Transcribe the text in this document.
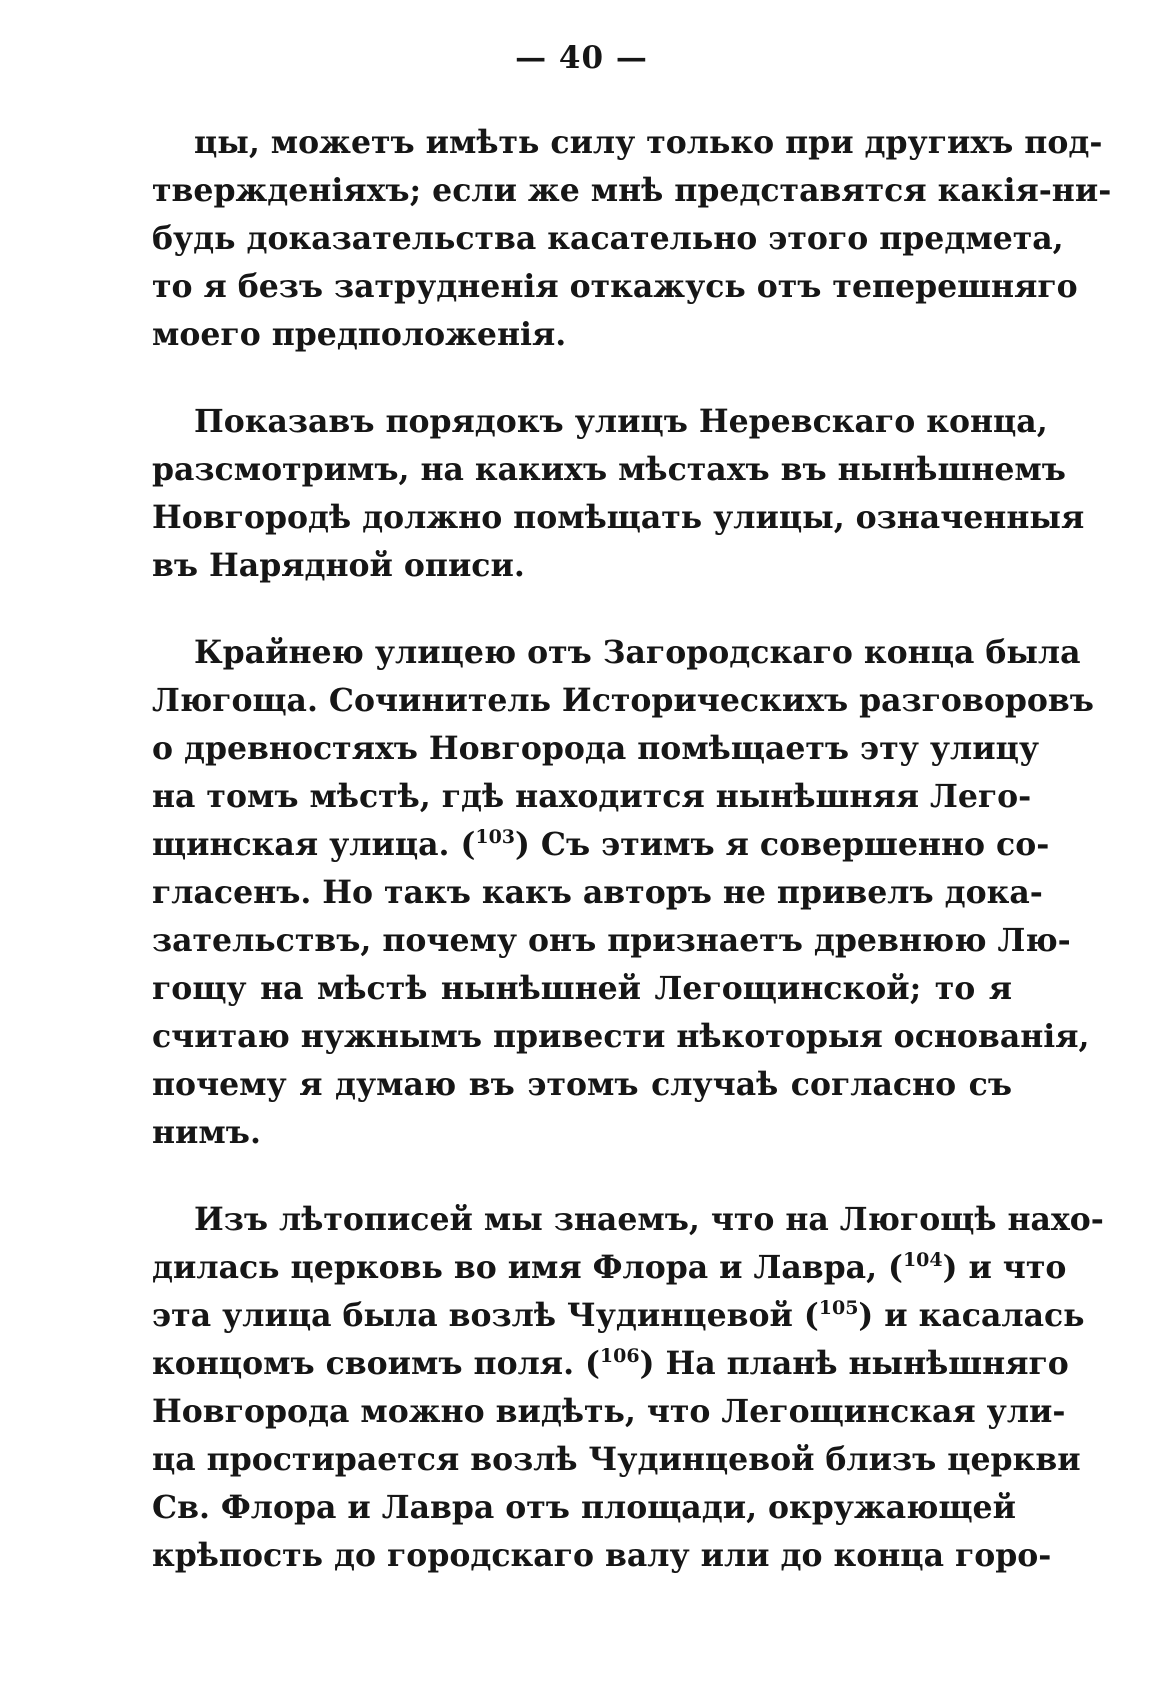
— 40 —
цы, можетъ имѣть силу только при другихъ под-
твержденіяхъ; если же мнѣ представятся какія-ни-
будь доказательства касательно этого предмета,
то я безъ затрудненія откажусь отъ теперешняго
моего предположенія.
Показавъ порядокъ улицъ Неревскаго конца,
разсмотримъ, на какихъ мѣстахъ въ нынѣшнемъ
Новгородѣ должно помѣщать улицы, означенныя
въ Нарядной описи.
Крайнею улицею отъ Загородскаго конца была
Люгоща. Сочинитель Историческихъ разговоровъ
о древностяхъ Новгорода помѣщаетъ эту улицу
на томъ мѣстѣ, гдѣ находится нынѣшняя Лего-
щинская улица. ($^{103}$) Съ этимъ я совершенно со-
гласенъ. Но такъ какъ авторъ не привелъ дока-
зательствъ, почему онъ признаетъ древнюю Лю-
гощу на мѣстѣ нынѣшней Легощинской; то я
считаю нужнымъ привести нѣкоторыя основанія,
почему я думаю въ этомъ случаѣ согласно съ
нимъ.
Изъ лѣтописей мы знаемъ, что на Люгощѣ нахо-
дилась церковь во имя Флора и Лавра, ($^{104}$) и что
эта улица была возлѣ Чудинцевой ($^{105}$) и касалась
концомъ своимъ поля. ($^{106}$) На планѣ нынѣшняго
Новгорода можно видѣть, что Легощинская ули-
ца простирается возлѣ Чудинцевой близъ церкви
Св. Флора и Лавра отъ площади, окружающей
крѣпость до городскаго валу или до конца горо-
